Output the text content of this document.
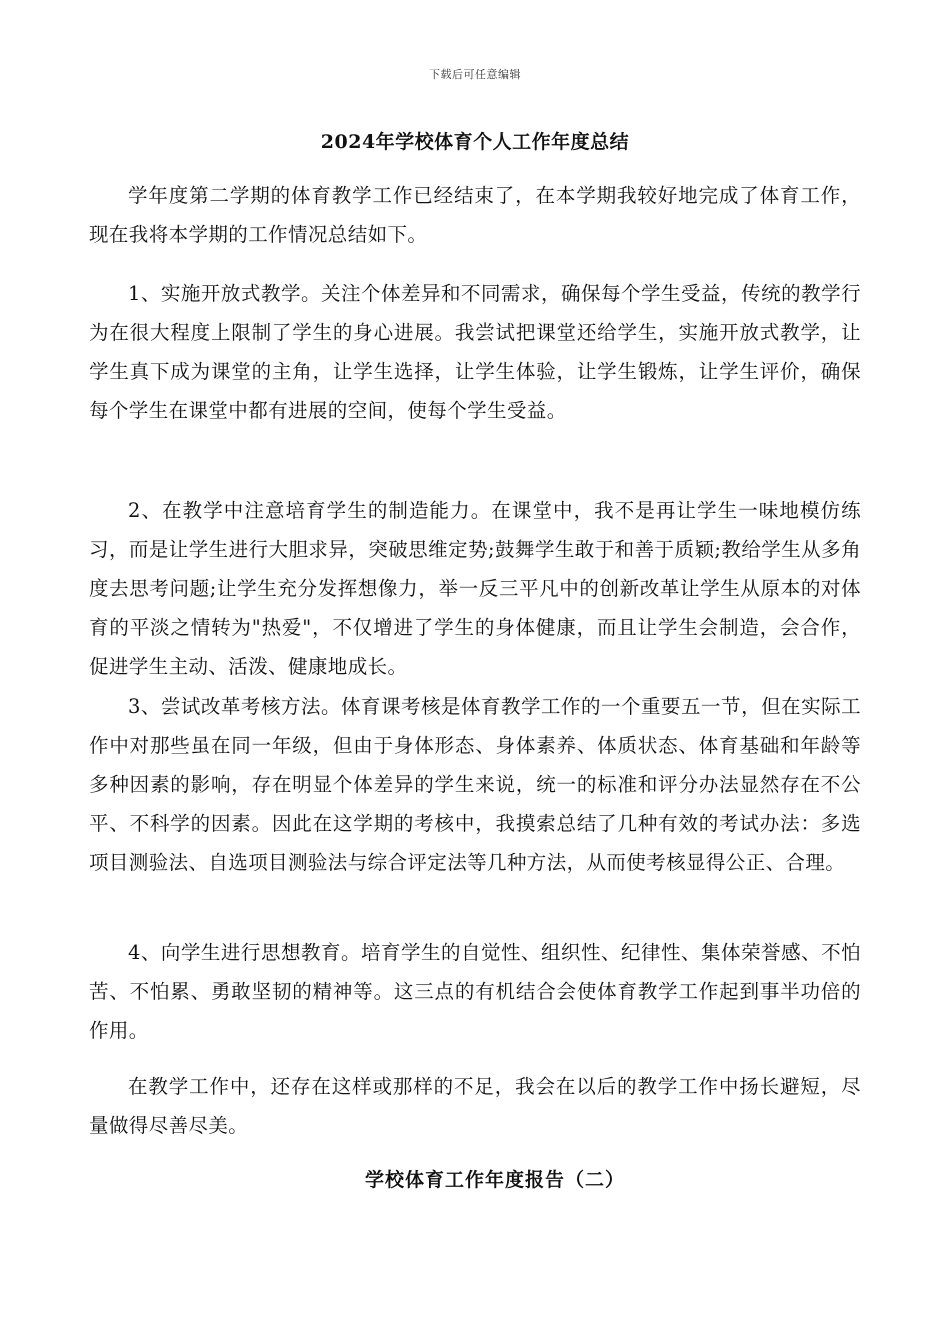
下载后可任意编辑
2024年学校体育个人工作年度总结

学年度第二学期的体育教学工作已经结束了，在本学期我较好地完成了体育工作，现在我将本学期的工作情况总结如下。

1、实施开放式教学。关注个体差异和不同需求，确保每个学生受益，传统的教学行为在很大程度上限制了学生的身心进展。我尝试把课堂还给学生，实施开放式教学，让学生真下成为课堂的主角，让学生选择，让学生体验，让学生锻炼，让学生评价，确保每个学生在课堂中都有进展的空间，使每个学生受益。

2、在教学中注意培育学生的制造能力。在课堂中，我不是再让学生一味地模仿练习，而是让学生进行大胆求异，突破思维定势;鼓舞学生敢于和善于质颖;教给学生从多角度去思考问题;让学生充分发挥想像力，举一反三平凡中的创新改革让学生从原本的对体育的平淡之情转为"热爱"，不仅增进了学生的身体健康，而且让学生会制造，会合作，促进学生主动、活泼、健康地成长。

3、尝试改革考核方法。体育课考核是体育教学工作的一个重要五一节，但在实际工作中对那些虽在同一年级，但由于身体形态、身体素养、体质状态、体育基础和年龄等多种因素的影响，存在明显个体差异的学生来说，统一的标准和评分办法显然存在不公平、不科学的因素。因此在这学期的考核中，我摸索总结了几种有效的考试办法：多选项目测验法、自选项目测验法与综合评定法等几种方法，从而使考核显得公正、合理。

4、向学生进行思想教育。培育学生的自觉性、组织性、纪律性、集体荣誉感、不怕苦、不怕累、勇敢坚韧的精神等。这三点的有机结合会使体育教学工作起到事半功倍的作用。

在教学工作中，还存在这样或那样的不足，我会在以后的教学工作中扬长避短，尽量做得尽善尽美。

学校体育工作年度报告（二）
